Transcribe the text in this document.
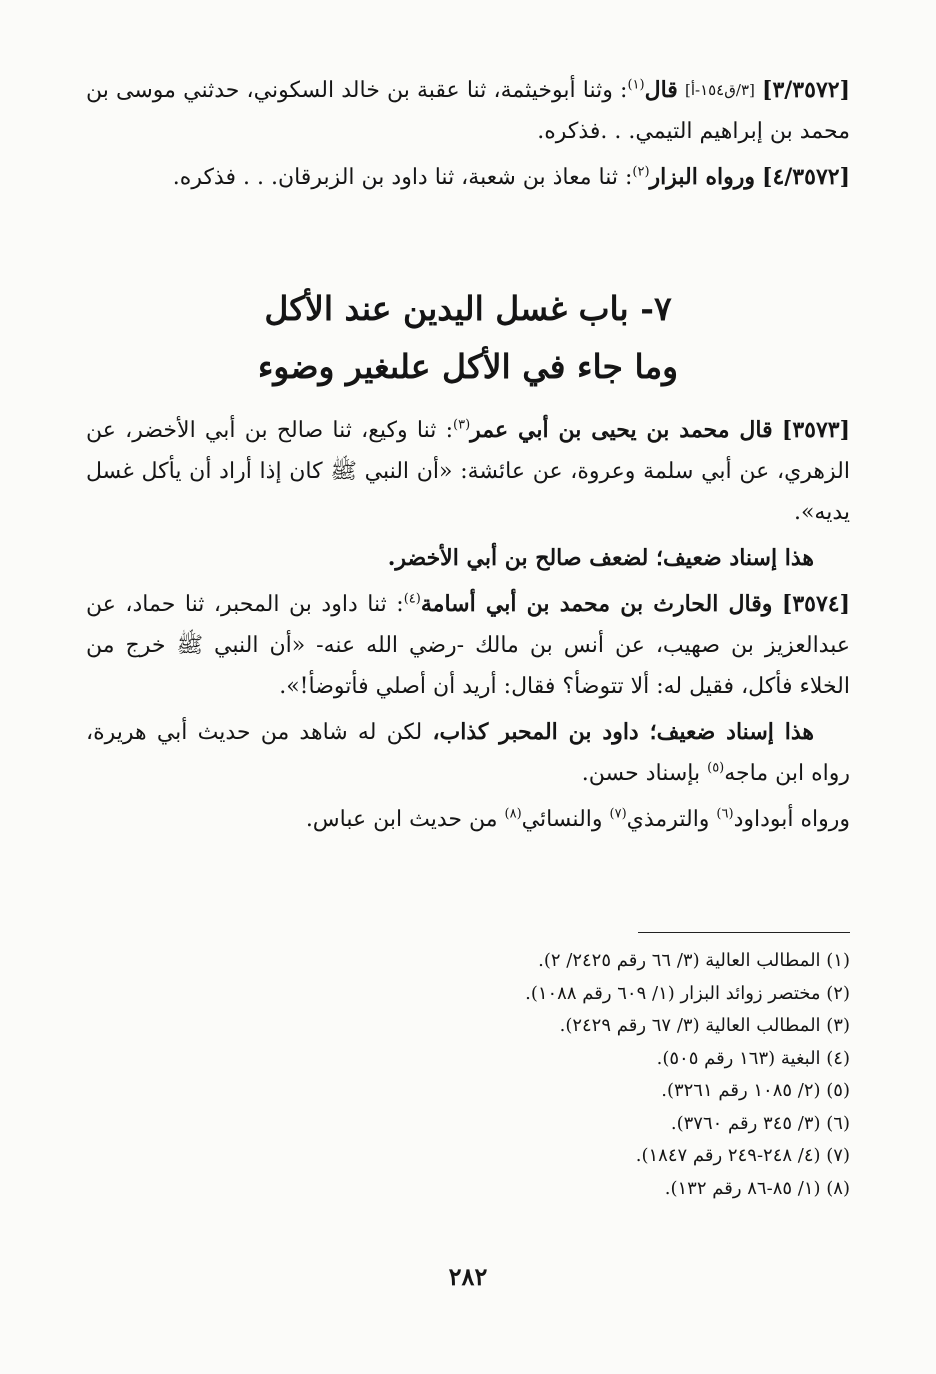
[٣/٣٥٧٢] [٣/ق١٥٤-أ] قال$^{(١)}$: وثنا أبوخيثمة، ثنا عقبة بن خالد السكوني، حدثني موسى بن محمد بن إبراهيم التيمي. . .فذكره.

[٤/٣٥٧٢] ورواه البزار$^{(٢)}$: ثنا معاذ بن شعبة، ثنا داود بن الزبرقان. . . فذكره.

٧- باب غسل اليدين عند الأكل
وما جاء في الأكل علىغير وضوء

[٣٥٧٣] قال محمد بن يحيى بن أبي عمر$^{(٣)}$: ثنا وكيع، ثنا صالح بن أبي الأخضر، عن الزهري، عن أبي سلمة وعروة، عن عائشة: «أن النبي ﷺ كان إذا أراد أن يأكل غسل يديه».

هذا إسناد ضعيف؛ لضعف صالح بن أبي الأخضر.

[٣٥٧٤] وقال الحارث بن محمد بن أبي أسامة$^{(٤)}$: ثنا داود بن المحبر، ثنا حماد، عن عبدالعزيز بن صهيب، عن أنس بن مالك -رضي الله عنه- «أن النبي ﷺ خرج من الخلاء فأكل، فقيل له: ألا تتوضأ؟ فقال: أريد أن أصلي فأتوضأ!».

هذا إسناد ضعيف؛ داود بن المحبر كذاب، لكن له شاهد من حديث أبي هريرة، رواه ابن ماجه$^{(٥)}$ بإسناد حسن.

ورواه أبوداود$^{(٦)}$ والترمذي$^{(٧)}$ والنسائي$^{(٨)}$ من حديث ابن عباس.

(١) المطالب العالية (٣/ ٦٦ رقم ٢٤٢٥/ ٢).

(٢) مختصر زوائد البزار (١/ ٦٠٩ رقم ١٠٨٨).

(٣) المطالب العالية (٣/ ٦٧ رقم ٢٤٢٩).

(٤) البغية (١٦٣ رقم ٥٠٥).

(٥) (٢/ ١٠٨٥ رقم ٣٢٦١).

(٦) (٣/ ٣٤٥ رقم ٣٧٦٠).

(٧) (٤/ ٢٤٨-٢٤٩ رقم ١٨٤٧).

(٨) (١/ ٨٥-٨٦ رقم ١٣٢).

٢٨٢
